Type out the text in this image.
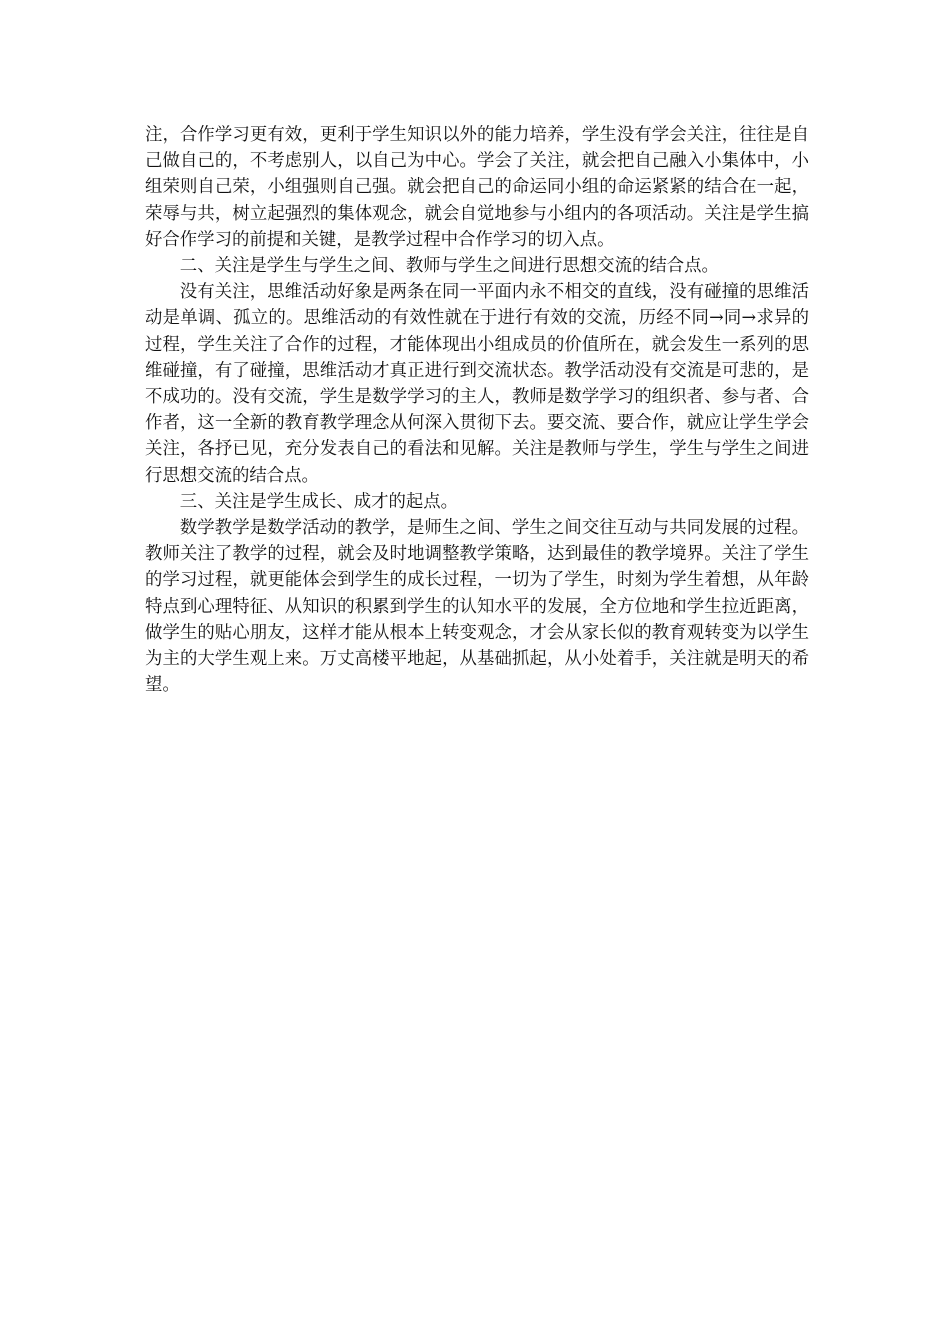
注，合作学习更有效，更利于学生知识以外的能力培养，学生没有学会关注，往往是自己做自己的，不考虑别人，以自己为中心。学会了关注，就会把自己融入小集体中，小组荣则自己荣，小组强则自己强。就会把自己的命运同小组的命运紧紧的结合在一起，荣辱与共，树立起强烈的集体观念，就会自觉地参与小组内的各项活动。关注是学生搞好合作学习的前提和关键，是教学过程中合作学习的切入点。

二、关注是学生与学生之间、教师与学生之间进行思想交流的结合点。

没有关注，思维活动好象是两条在同一平面内永不相交的直线，没有碰撞的思维活动是单调、孤立的。思维活动的有效性就在于进行有效的交流，历经不同→同→求异的过程，学生关注了合作的过程，才能体现出小组成员的价值所在，就会发生一系列的思维碰撞，有了碰撞，思维活动才真正进行到交流状态。教学活动没有交流是可悲的，是不成功的。没有交流，学生是数学学习的主人，教师是数学学习的组织者、参与者、合作者，这一全新的教育教学理念从何深入贯彻下去。要交流、要合作，就应让学生学会关注，各抒已见，充分发表自己的看法和见解。关注是教师与学生，学生与学生之间进行思想交流的结合点。

三、关注是学生成长、成才的起点。

数学教学是数学活动的教学，是师生之间、学生之间交往互动与共同发展的过程。教师关注了教学的过程，就会及时地调整教学策略，达到最佳的教学境界。关注了学生的学习过程，就更能体会到学生的成长过程，一切为了学生，时刻为学生着想，从年龄特点到心理特征、从知识的积累到学生的认知水平的发展，全方位地和学生拉近距离，做学生的贴心朋友，这样才能从根本上转变观念，才会从家长似的教育观转变为以学生为主的大学生观上来。万丈高楼平地起，从基础抓起，从小处着手，关注就是明天的希望。
